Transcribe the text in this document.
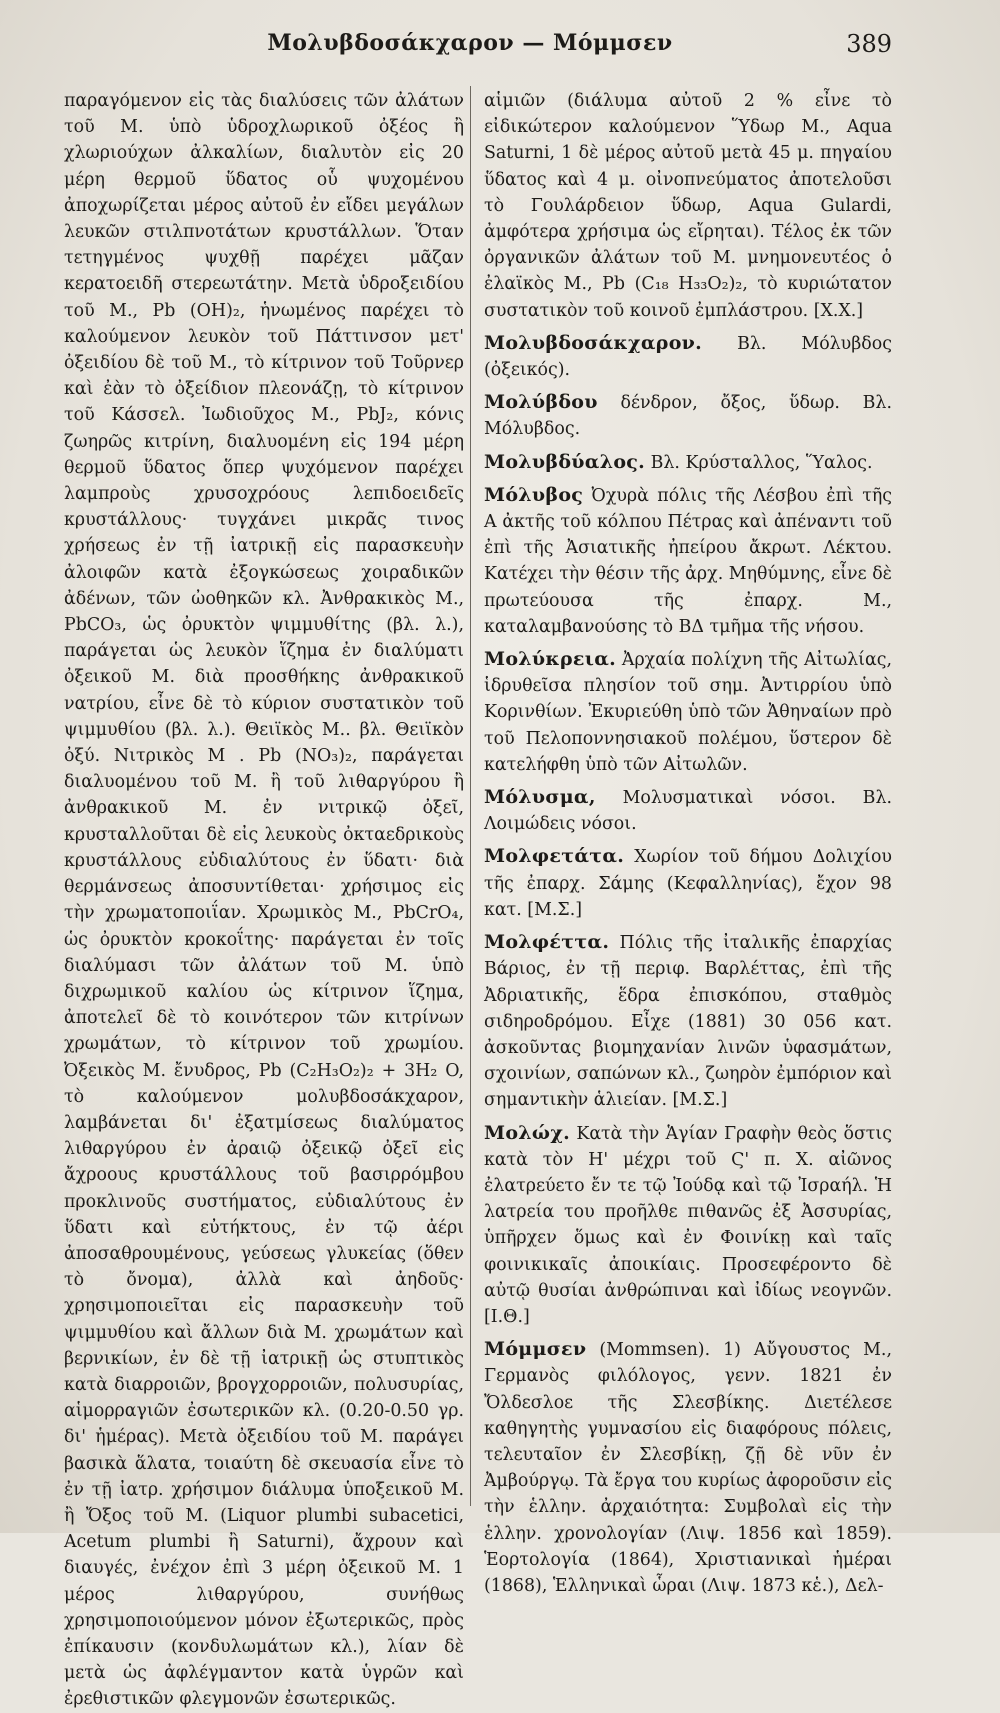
Μολυβδοσάκχαρον — Μόμμσεν	389
παραγόμενον εἰς τὰς διαλύσεις τῶν ἀλάτων τοῦ Μ. ὑπὸ ὑδροχλωρικοῦ ὀξέος ἢ χλωριούχων ἀλκαλίων, διαλυτὸν εἰς 20 μέρη θερμοῦ ὕδατος οὗ ψυχομένου ἀποχωρίζεται μέρος αὐτοῦ ἐν εἴδει μεγάλων λευκῶν στιλπνοτάτων κρυστάλλων. Ὅταν τετηγμένος ψυχθῇ παρέχει μᾶζαν κερατοειδῆ στερεωτάτην. Μετὰ ὑδροξειδίου τοῦ Μ., Pb (OH)₂, ἡνωμένος παρέχει τὸ καλούμενον λευκὸν τοῦ Πάττινσον μετ' ὀξειδίου δὲ τοῦ Μ., τὸ κίτρινον τοῦ Τοῦρνερ καὶ ἐὰν τὸ ὀξείδιον πλεονάζῃ, τὸ κίτρινον τοῦ Κάσσελ. Ἰωδιοῦχος Μ., PbJ₂, κόνις ζωηρῶς κιτρίνη, διαλυομένη εἰς 194 μέρη θερμοῦ ὕδατος ὅπερ ψυχόμενον παρέχει λαμπροὺς χρυσοχρόους λεπιδοειδεῖς κρυστάλλους· τυγχάνει μικρᾶς τινος χρήσεως ἐν τῇ ἰατρικῇ εἰς παρασκευὴν ἀλοιφῶν κατὰ ἐξογκώσεως χοιραδικῶν ἀδένων, τῶν ὠοθηκῶν κλ. Ἀνθρακικὸς Μ., PbCO₃, ὡς ὀρυκτὸν ψιμμυθίτης (βλ. λ.), παράγεται ὡς λευκὸν ἵζημα ἐν διαλύματι ὀξεικοῦ Μ. διὰ προσθήκης ἀνθρακικοῦ νατρίου, εἶνε δὲ τὸ κύριον συστατικὸν τοῦ ψιμμυθίου (βλ. λ.). Θειϊκὸς Μ.. βλ. Θειϊκὸν ὀξύ. Νιτρικὸς Μ . Pb (NO₃)₂, παράγεται διαλυομένου τοῦ Μ. ἢ τοῦ λιθαργύρου ἢ ἀνθρακικοῦ Μ. ἐν νιτρικῷ ὀξεῖ, κρυσταλλοῦται δὲ εἰς λευκοὺς ὀκταεδρικοὺς κρυστάλλους εὐδιαλύτους ἐν ὕδατι· διὰ θερμάνσεως ἀποσυντίθεται· χρήσιμος εἰς τὴν χρωματοποιΐαν. Χρωμικὸς Μ., PbCrO₄, ὡς ὀρυκτὸν κροκοΐτης· παράγεται ἐν τοῖς διαλύμασι τῶν ἀλάτων τοῦ Μ. ὑπὸ διχρωμικοῦ καλίου ὡς κίτρινον ἵζημα, ἀποτελεῖ δὲ τὸ κοινότερον τῶν κιτρίνων χρωμάτων, τὸ κίτρινον τοῦ χρωμίου. Ὀξεικὸς Μ. ἔνυδρος, Pb (C₂H₃O₂)₂ + 3H₂ O, τὸ καλούμενον μολυβδοσάκχαρον, λαμβάνεται δι' ἐξατμίσεως διαλύματος λιθαργύρου ἐν ἀραιῷ ὀξεικῷ ὀξεῖ εἰς ἄχροους κρυστάλλους τοῦ βασιρρόμβου προκλινοῦς συστήματος, εὐδιαλύτους ἐν ὕδατι καὶ εὐτήκτους, ἐν τῷ ἀέρι ἀποσαθρουμένους, γεύσεως γλυκείας (ὅθεν τὸ ὄνομα), ἀλλὰ καὶ ἀηδοῦς· χρησιμοποιεῖται εἰς παρασκευὴν τοῦ ψιμμυθίου καὶ ἄλλων διὰ Μ. χρωμάτων καὶ βερνικίων, ἐν δὲ τῇ ἰατρικῇ ὡς στυπτικὸς κατὰ διαρροιῶν, βρογχορροιῶν, πολυσυρίας, αἱμορραγιῶν ἐσωτερικῶν κλ. (0.20-0.50 γρ. δι' ἡμέρας). Μετὰ ὀξειδίου τοῦ Μ. παράγει βασικὰ ἅλατα, τοιαύτη δὲ σκευασία εἶνε τὸ ἐν τῇ ἰατρ. χρήσιμον διάλυμα ὑποξεικοῦ Μ. ἢ Ὄξος τοῦ Μ. (Liquor plumbi subacetici, Acetum plumbi ἢ Saturni), ἄχρουν καὶ διαυγές, ἐνέχον ἐπὶ 3 μέρη ὀξεικοῦ Μ. 1 μέρος λιθαργύρου, συνήθως χρησιμοποιούμενον μόνον ἐξωτερικῶς, πρὸς ἐπίκαυσιν (κονδυλωμάτων κλ.), λίαν δὲ μετὰ ὡς ἀφλέγμαντον κατὰ ὑγρῶν καὶ ἐρεθιστικῶν φλεγμονῶν ἐσωτερικῶς.
αἱμιῶν (διάλυμα αὐτοῦ 2 % εἶνε τὸ εἰδικώτερον καλούμενον Ὕδωρ Μ., Aqua Saturni, 1 δὲ μέρος αὐτοῦ μετὰ 45 μ. πηγαίου ὕδατος καὶ 4 μ. οἰνοπνεύματος ἀποτελοῦσι τὸ Γουλάρδειον ὕδωρ, Aqua Gulardi, ἀμφότερα χρήσιμα ὡς εἴρηται). Τέλος ἐκ τῶν ὀργανικῶν ἀλάτων τοῦ Μ. μνημονευτέος ὁ ἐλαϊκὸς Μ., Pb (C₁₈ H₃₃O₂)₂, τὸ κυριώτατον συστατικὸν τοῦ κοινοῦ ἐμπλάστρου. [Χ.Χ.]
Μολυβδοσάκχαρον. Βλ. Μόλυβδος (ὀξεικός).
Μολύβδου δένδρον, ὄξος, ὕδωρ. Βλ. Μόλυβδος.
Μολυβδύαλος. Βλ. Κρύσταλλος, Ὕαλος.
Μόλυβος Ὀχυρὰ πόλις τῆς Λέσβου ἐπὶ τῆς Α ἀκτῆς τοῦ κόλπου Πέτρας καὶ ἀπέναντι τοῦ ἐπὶ τῆς Ἀσιατικῆς ἠπείρου ἄκρωτ. Λέκτου. Κατέχει τὴν θέσιν τῆς ἀρχ. Μηθύμνης, εἶνε δὲ πρωτεύουσα τῆς ἐπαρχ. Μ., καταλαμβανούσης τὸ ΒΔ τμῆμα τῆς νήσου.
Μολύκρεια. Ἀρχαία πολίχνη τῆς Αἰτωλίας, ἱδρυθεῖσα πλησίον τοῦ σημ. Ἀντιρρίου ὑπὸ Κορινθίων. Ἐκυριεύθη ὑπὸ τῶν Ἀθηναίων πρὸ τοῦ Πελοποννησιακοῦ πολέμου, ὕστερον δὲ κατελήφθη ὑπὸ τῶν Αἰτωλῶν.
Μόλυσμα, Μολυσματικαὶ νόσοι. Βλ. Λοιμώδεις νόσοι.
Μολφετάτα. Χωρίον τοῦ δήμου Δολιχίου τῆς ἐπαρχ. Σάμης (Κεφαλληνίας), ἔχον 98 κατ. [Μ.Σ.]
Μολφέττα. Πόλις τῆς ἰταλικῆς ἐπαρχίας Βάριος, ἐν τῇ περιφ. Βαρλέττας, ἐπὶ τῆς Ἀδριατικῆς, ἕδρα ἐπισκόπου, σταθμὸς σιδηροδρόμου. Εἶχε (1881) 30 056 κατ. ἀσκοῦντας βιομηχανίαν λινῶν ὑφασμάτων, σχοινίων, σαπώνων κλ., ζωηρὸν ἐμπόριον καὶ σημαντικὴν ἁλιείαν. [Μ.Σ.]
Μολώχ. Κατὰ τὴν Ἁγίαν Γραφὴν θεὸς ὅστις κατὰ τὸν Η' μέχρι τοῦ Ϛ' π. Χ. αἰῶνος ἐλατρεύετο ἔν τε τῷ Ἰούδᾳ καὶ τῷ Ἰσραήλ. Ἡ λατρεία του προῆλθε πιθανῶς ἐξ Ἀσσυρίας, ὑπῆρχεν ὅμως καὶ ἐν Φοινίκῃ καὶ ταῖς φοινικικαῖς ἀποικίαις. Προσεφέροντο δὲ αὐτῷ θυσίαι ἀνθρώπιναι καὶ ἰδίως νεογνῶν. [Ι.Θ.]
Μόμμσεν (Mommsen). 1) Αὔγουστος Μ., Γερμανὸς φιλόλογος, γενν. 1821 ἐν Ὄλδεσλοε τῆς Σλεσβίκης. Διετέλεσε καθηγητὴς γυμνασίου εἰς διαφόρους πόλεις, τελευταῖον ἐν Σλεσβίκῃ, ζῇ δὲ νῦν ἐν Ἀμβούργῳ. Τὰ ἔργα του κυρίως ἀφοροῦσιν εἰς τὴν ἑλλην. ἀρχαιότητα: Συμβολαὶ εἰς τὴν ἑλλην. χρονολογίαν (Λιψ. 1856 καὶ 1859). Ἑορτολογία (1864), Χριστιανικαὶ ἡμέραι (1868), Ἑλληνικαὶ ὧραι (Λιψ. 1873 κἑ.), Δελ-
